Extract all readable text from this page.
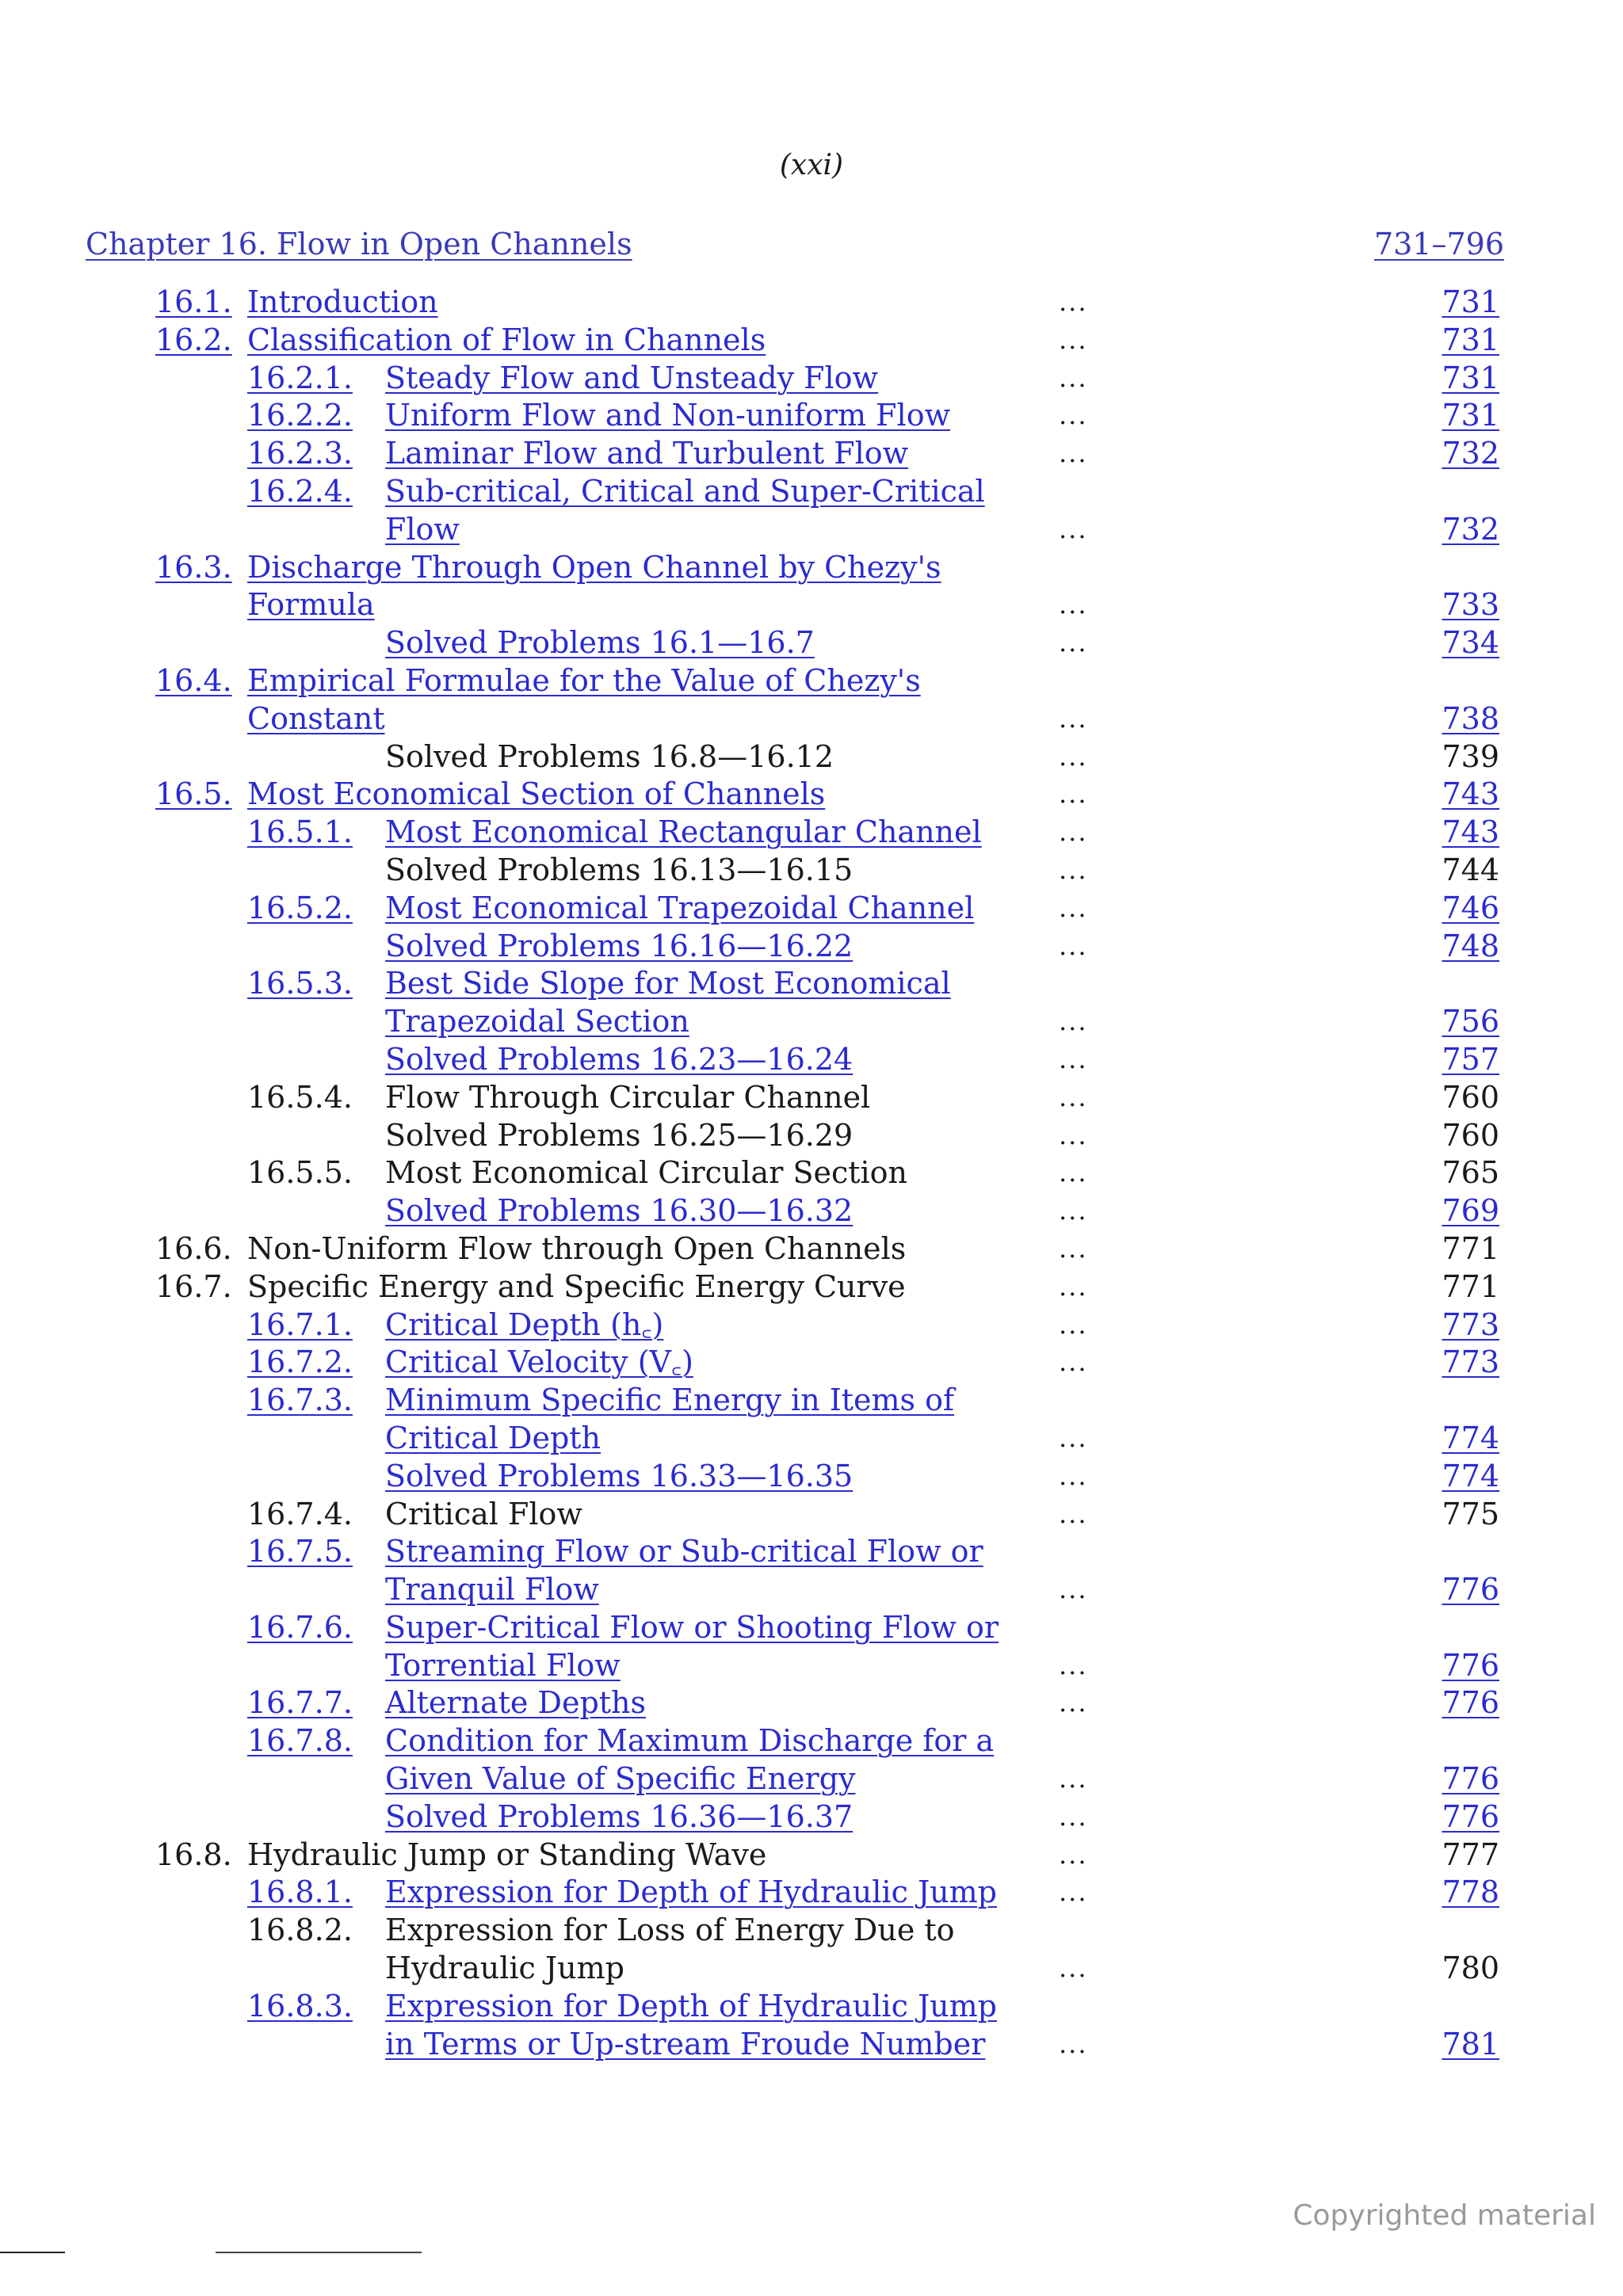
(xxi)
Chapter 16. Flow in Open Channels	731–796
16.1. Introduction	...	731
16.2. Classification of Flow in Channels	...	731
16.2.1. Steady Flow and Unsteady Flow	...	731
16.2.2. Uniform Flow and Non-uniform Flow	...	731
16.2.3. Laminar Flow and Turbulent Flow	...	732
16.2.4. Sub-critical, Critical and Super-Critical
Flow	...	732
16.3. Discharge Through Open Channel by Chezy's
Formula	...	733
Solved Problems 16.1—16.7	...	734
16.4. Empirical Formulae for the Value of Chezy's
Constant	...	738
Solved Problems 16.8—16.12	...	739
16.5. Most Economical Section of Channels	...	743
16.5.1. Most Economical Rectangular Channel	...	743
Solved Problems 16.13—16.15	...	744
16.5.2. Most Economical Trapezoidal Channel	...	746
Solved Problems 16.16—16.22	...	748
16.5.3. Best Side Slope for Most Economical
Trapezoidal Section	...	756
Solved Problems 16.23—16.24	...	757
16.5.4. Flow Through Circular Channel	...	760
Solved Problems 16.25—16.29	...	760
16.5.5. Most Economical Circular Section	...	765
Solved Problems 16.30—16.32	...	769
16.6. Non-Uniform Flow through Open Channels	...	771
16.7. Specific Energy and Specific Energy Curve	...	771
16.7.1. Critical Depth (h꜀)	...	773
16.7.2. Critical Velocity (V꜀)	...	773
16.7.3. Minimum Specific Energy in Items of
Critical Depth	...	774
Solved Problems 16.33—16.35	...	774
16.7.4. Critical Flow	...	775
16.7.5. Streaming Flow or Sub-critical Flow or
Tranquil Flow	...	776
16.7.6. Super-Critical Flow or Shooting Flow or
Torrential Flow	...	776
16.7.7. Alternate Depths	...	776
16.7.8. Condition for Maximum Discharge for a
Given Value of Specific Energy	...	776
Solved Problems 16.36—16.37	...	776
16.8. Hydraulic Jump or Standing Wave	...	777
16.8.1. Expression for Depth of Hydraulic Jump ...	778
16.8.2. Expression for Loss of Energy Due to
Hydraulic Jump	...	780
16.8.3. Expression for Depth of Hydraulic Jump
in Terms or Up-stream Froude Number	...	781
Copyrighted material
